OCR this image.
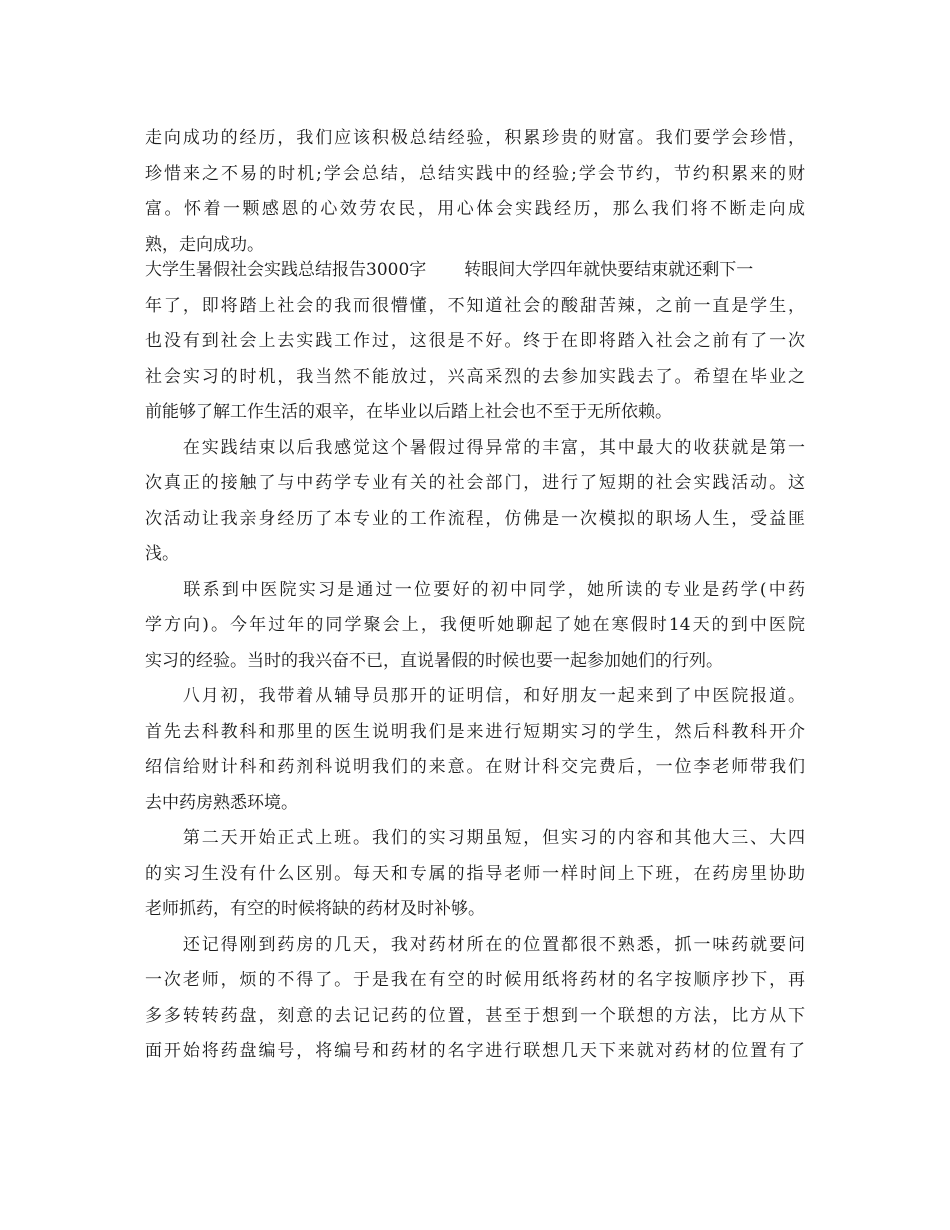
走向成功的经历，我们应该积极总结经验，积累珍贵的财富。我们要学会珍惜，
珍惜来之不易的时机;学会总结，总结实践中的经验;学会节约，节约积累来的财
富。怀着一颗感恩的心效劳农民，用心体会实践经历，那么我们将不断走向成
熟，走向成功。
大学生暑假社会实践总结报告3000字 转眼间大学四年就快要结束就还剩下一
年了，即将踏上社会的我而很懵懂，不知道社会的酸甜苦辣，之前一直是学生，
也没有到社会上去实践工作过，这很是不好。终于在即将踏入社会之前有了一次
社会实习的时机，我当然不能放过，兴高采烈的去参加实践去了。希望在毕业之
前能够了解工作生活的艰辛，在毕业以后踏上社会也不至于无所依赖。
　　在实践结束以后我感觉这个暑假过得异常的丰富，其中最大的收获就是第一
次真正的接触了与中药学专业有关的社会部门，进行了短期的社会实践活动。这
次活动让我亲身经历了本专业的工作流程，仿佛是一次模拟的职场人生，受益匪
浅。
　　联系到中医院实习是通过一位要好的初中同学，她所读的专业是药学(中药
学方向)。今年过年的同学聚会上，我便听她聊起了她在寒假时14天的到中医院
实习的经验。当时的我兴奋不已，直说暑假的时候也要一起参加她们的行列。
　　八月初，我带着从辅导员那开的证明信，和好朋友一起来到了中医院报道。
首先去科教科和那里的医生说明我们是来进行短期实习的学生，然后科教科开介
绍信给财计科和药剂科说明我们的来意。在财计科交完费后，一位李老师带我们
去中药房熟悉环境。
　　第二天开始正式上班。我们的实习期虽短，但实习的内容和其他大三、大四
的实习生没有什么区别。每天和专属的指导老师一样时间上下班，在药房里协助
老师抓药，有空的时候将缺的药材及时补够。
　　还记得刚到药房的几天，我对药材所在的位置都很不熟悉，抓一味药就要问
一次老师，烦的不得了。于是我在有空的时候用纸将药材的名字按顺序抄下，再
多多转转药盘，刻意的去记记药的位置，甚至于想到一个联想的方法，比方从下
面开始将药盘编号，将编号和药材的名字进行联想几天下来就对药材的位置有了
